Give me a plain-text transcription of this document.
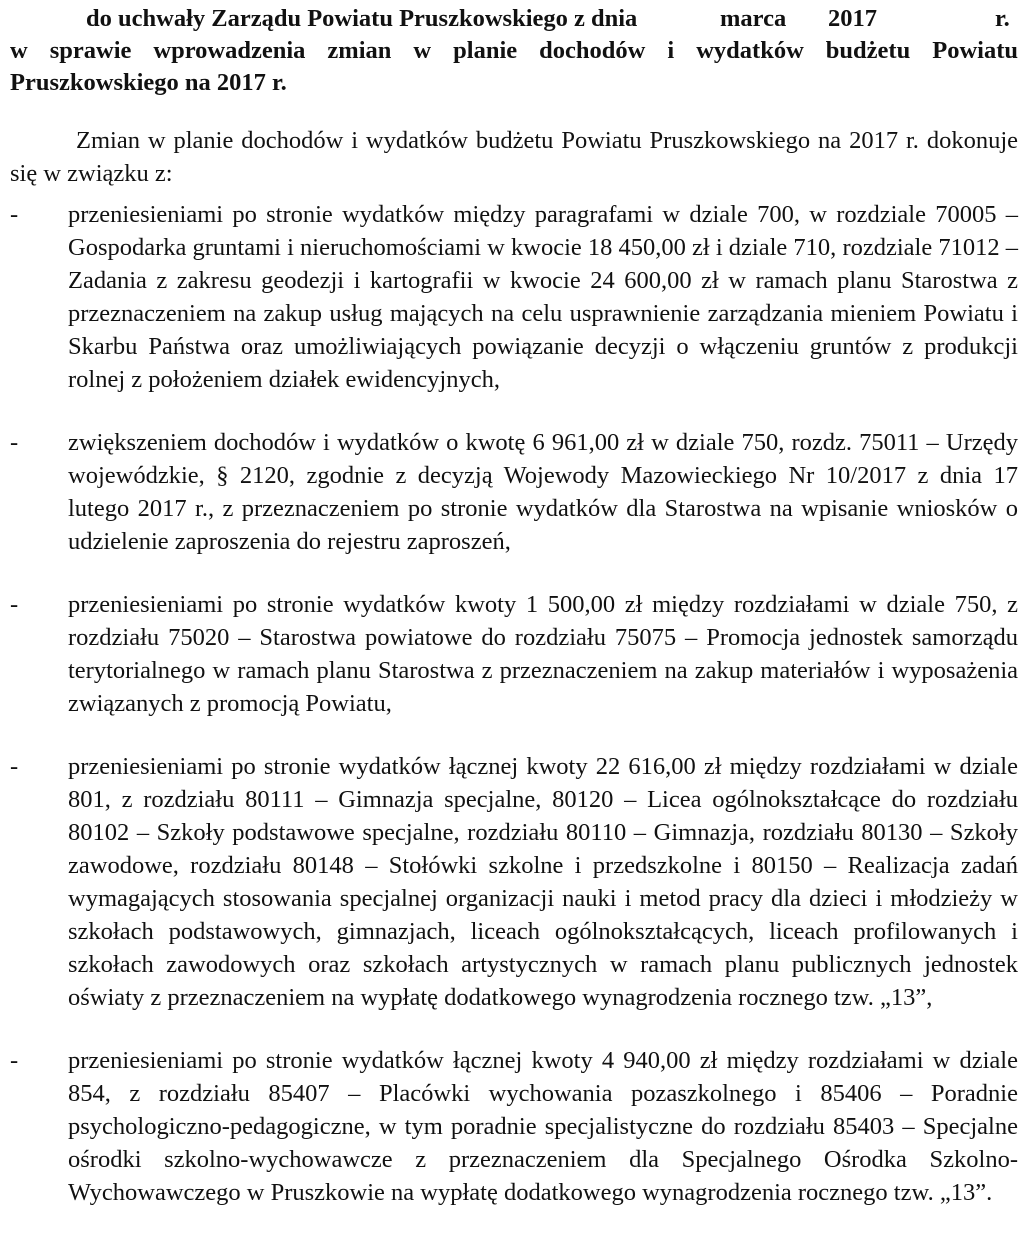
do uchwały Zarządu Powiatu Pruszkowskiego z dnia	marca 2017	r.
w sprawie wprowadzenia zmian w planie dochodów i wydatków budżetu Powiatu
Pruszkowskiego na 2017 r.

Zmian w planie dochodów i wydatków budżetu Powiatu Pruszkowskiego na 2017 r. dokonuje się w związku z:

-	przeniesieniami po stronie wydatków między paragrafami w dziale 700, w rozdziale 70005 – Gospodarka gruntami i nieruchomościami w kwocie 18 450,00 zł i dziale 710, rozdziale 71012 – Zadania z zakresu geodezji i kartografii w kwocie 24 600,00 zł w ramach planu Starostwa z przeznaczeniem na zakup usług mających na celu usprawnienie zarządzania mieniem Powiatu i Skarbu Państwa oraz umożliwiających powiązanie decyzji o włączeniu gruntów z produkcji rolnej z położeniem działek ewidencyjnych,
-	zwiększeniem dochodów i wydatków o kwotę 6 961,00 zł w dziale 750, rozdz. 75011 – Urzędy wojewódzkie, § 2120, zgodnie z decyzją Wojewody Mazowieckiego Nr 10/2017 z dnia 17 lutego 2017 r., z przeznaczeniem po stronie wydatków dla Starostwa na wpisanie wniosków o udzielenie zaproszenia do rejestru zaproszeń,
-	przeniesieniami po stronie wydatków kwoty 1 500,00 zł między rozdziałami w dziale 750, z rozdziału 75020 – Starostwa powiatowe do rozdziału 75075 – Promocja jednostek samorządu terytorialnego w ramach planu Starostwa z przeznaczeniem na zakup materiałów i wyposażenia związanych z promocją Powiatu,
-	przeniesieniami po stronie wydatków łącznej kwoty 22 616,00 zł między rozdziałami w dziale 801, z rozdziału 80111 – Gimnazja specjalne, 80120 – Licea ogólnokształcące do rozdziału 80102 – Szkoły podstawowe specjalne, rozdziału 80110 – Gimnazja, rozdziału 80130 – Szkoły zawodowe, rozdziału 80148 – Stołówki szkolne i przedszkolne i 80150 – Realizacja zadań wymagających stosowania specjalnej organizacji nauki i metod pracy dla dzieci i młodzieży w szkołach podstawowych, gimnazjach, liceach ogólnokształcących, liceach profilowanych i szkołach zawodowych oraz szkołach artystycznych w ramach planu publicznych jednostek oświaty z przeznaczeniem na wypłatę dodatkowego wynagrodzenia rocznego tzw. „13”,
-	przeniesieniami po stronie wydatków łącznej kwoty 4 940,00 zł między rozdziałami w dziale 854, z rozdziału 85407 – Placówki wychowania pozaszkolnego i 85406 – Poradnie psychologiczno-pedagogiczne, w tym poradnie specjalistyczne do rozdziału 85403 – Specjalne ośrodki szkolno-wychowawcze z przeznaczeniem dla Specjalnego Ośrodka Szkolno-Wychowawczego w Pruszkowie na wypłatę dodatkowego wynagrodzenia rocznego tzw. „13”.
